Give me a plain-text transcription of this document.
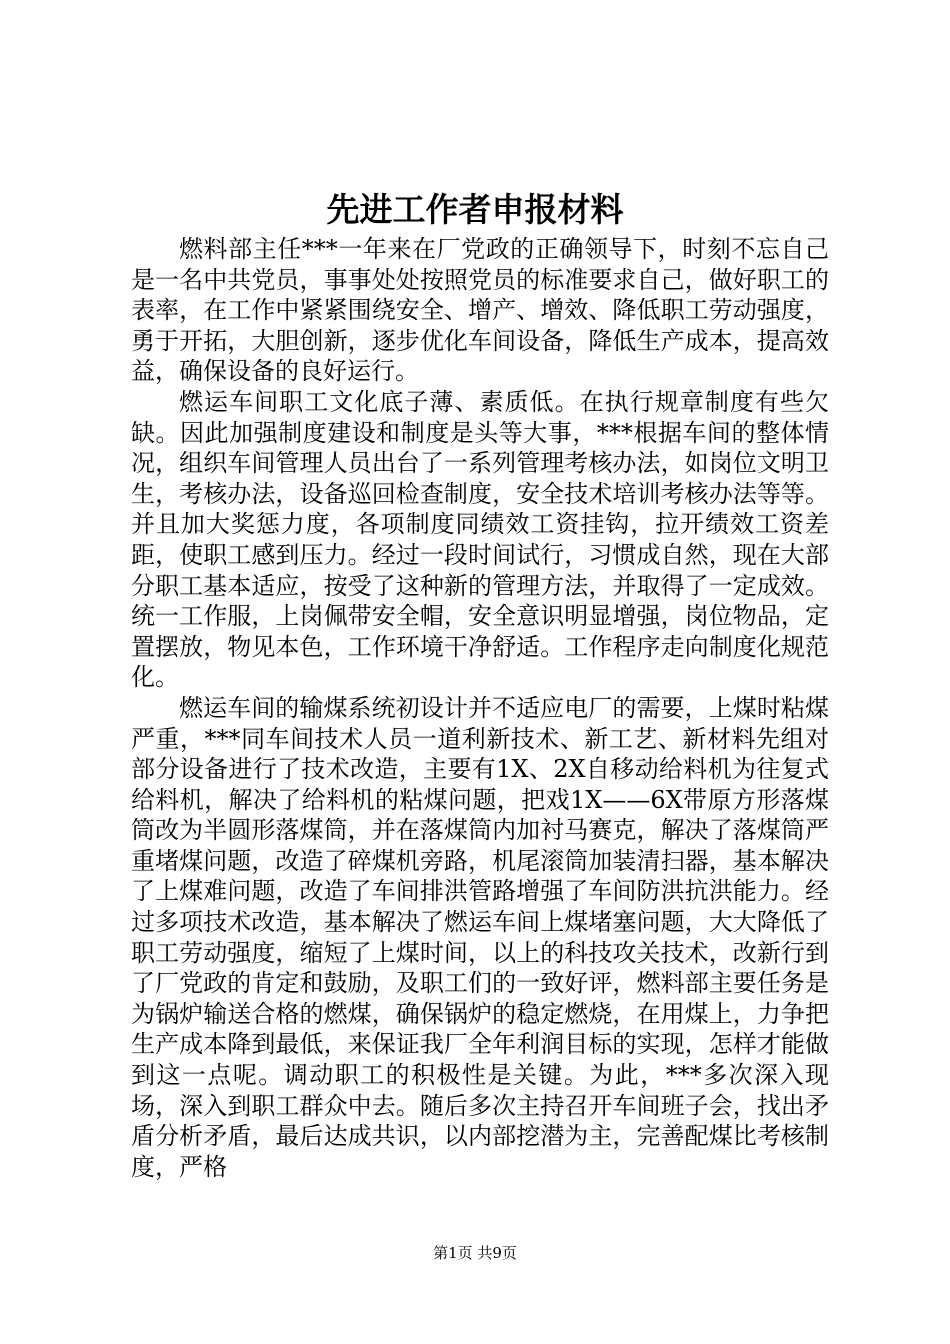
先进工作者申报材料

燃料部主任***一年来在厂党政的正确领导下，时刻不忘自己是一名中共党员，事事处处按照党员的标准要求自己，做好职工的表率，在工作中紧紧围绕安全、增产、增效、降低职工劳动强度，勇于开拓，大胆创新，逐步优化车间设备，降低生产成本，提高效益，确保设备的良好运行。

燃运车间职工文化底子薄、素质低。在执行规章制度有些欠缺。因此加强制度建设和制度是头等大事，***根据车间的整体情况，组织车间管理人员出台了一系列管理考核办法，如岗位文明卫生，考核办法，设备巡回检查制度，安全技术培训考核办法等等。并且加大奖惩力度，各项制度同绩效工资挂钩，拉开绩效工资差距，使职工感到压力。经过一段时间试行，习惯成自然，现在大部分职工基本适应，按受了这种新的管理方法，并取得了一定成效。统一工作服，上岗佩带安全帽，安全意识明显增强，岗位物品，定置摆放，物见本色，工作环境干净舒适。工作程序走向制度化规范化。

燃运车间的输煤系统初设计并不适应电厂的需要，上煤时粘煤严重，***同车间技术人员一道利新技术、新工艺、新材料先组对部分设备进行了技术改造，主要有1X、2X自移动给料机为往复式给料机，解决了给料机的粘煤问题，把戏1X——6X带原方形落煤筒改为半圆形落煤筒，并在落煤筒内加衬马赛克，解决了落煤筒严重堵煤问题，改造了碎煤机旁路，机尾滚筒加装清扫器，基本解决了上煤难问题，改造了车间排洪管路增强了车间防洪抗洪能力。经过多项技术改造，基本解决了燃运车间上煤堵塞问题，大大降低了职工劳动强度，缩短了上煤时间，以上的科技攻关技术，改新行到了厂党政的肯定和鼓励，及职工们的一致好评，燃料部主要任务是为锅炉输送合格的燃煤，确保锅炉的稳定燃烧，在用煤上，力争把生产成本降到最低，来保证我厂全年利润目标的实现，怎样才能做到这一点呢。调动职工的积极性是关键。为此，***多次深入现场，深入到职工群众中去。随后多次主持召开车间班子会，找出矛盾分析矛盾，最后达成共识，以内部挖潜为主，完善配煤比考核制度，严格

第1页 共9页
